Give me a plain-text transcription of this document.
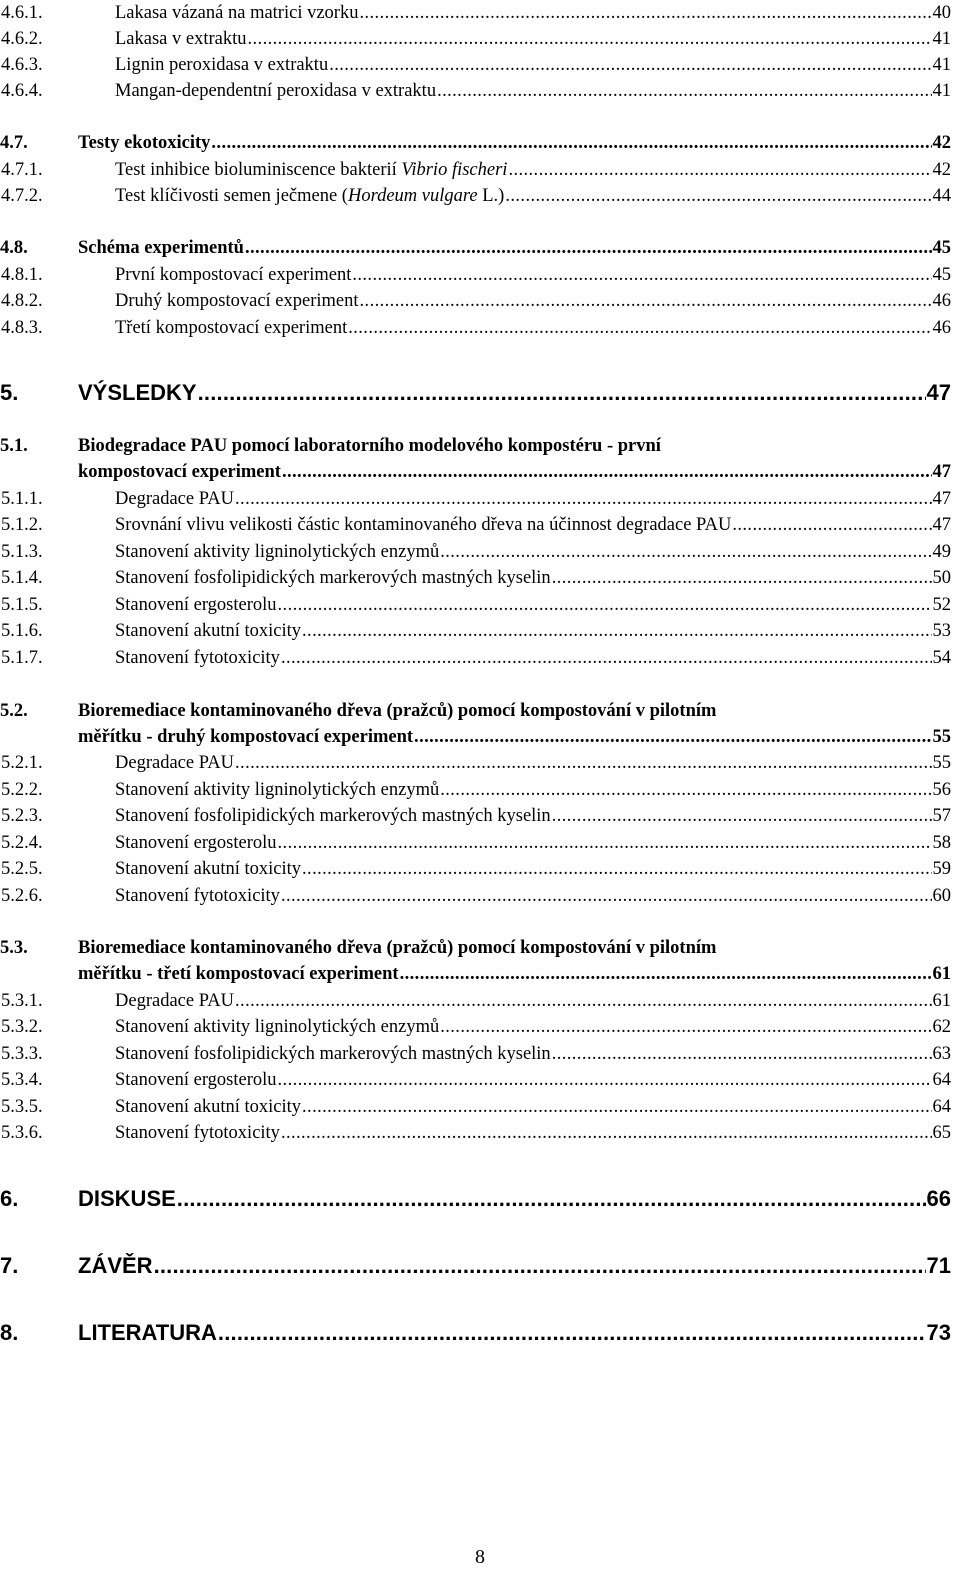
4.6.1.	Lakasa vázaná na matrici vzorku .....	40
4.6.2.	Lakasa v extraktu .....	41
4.6.3.	Lignin peroxidasa v extraktu .....	41
4.6.4.	Mangan-dependentní peroxidasa v extraktu .....	41
4.7.	Testy ekotoxicity .....	42
4.7.1.	Test inhibice bioluminiscence bakterií Vibrio fischeri .....	42
4.7.2.	Test klíčivosti semen ječmene (Hordeum vulgare L.) .....	44
4.8.	Schéma experimentů .....	45
4.8.1.	První kompostovací experiment .....	45
4.8.2.	Druhý kompostovací experiment .....	46
4.8.3.	Třetí kompostovací experiment .....	46
5.	VÝSLEDKY .....	47
5.1.	Biodegradace PAU pomocí laboratorního modelového kompostéru - první
kompostovací experiment .....	47
5.1.1.	Degradace PAU .....	47
5.1.2.	Srovnání vlivu velikosti částic kontaminovaného dřeva na účinnost degradace PAU .....	47
5.1.3.	Stanovení aktivity ligninolytických enzymů .....	49
5.1.4.	Stanovení fosfolipidických markerových mastných kyselin .....	50
5.1.5.	Stanovení ergosterolu .....	52
5.1.6.	Stanovení akutní toxicity .....	53
5.1.7.	Stanovení fytotoxicity .....	54
5.2.	Bioremediace kontaminovaného dřeva (pražců) pomocí kompostování v pilotním
měřítku - druhý kompostovací experiment .....	55
5.2.1.	Degradace PAU .....	55
5.2.2.	Stanovení aktivity ligninolytických enzymů .....	56
5.2.3.	Stanovení fosfolipidických markerových mastných kyselin .....	57
5.2.4.	Stanovení ergosterolu .....	58
5.2.5.	Stanovení akutní toxicity .....	59
5.2.6.	Stanovení fytotoxicity .....	60
5.3.	Bioremediace kontaminovaného dřeva (pražců) pomocí kompostování v pilotním
měřítku - třetí kompostovací experiment .....	61
5.3.1.	Degradace PAU .....	61
5.3.2.	Stanovení aktivity ligninolytických enzymů .....	62
5.3.3.	Stanovení fosfolipidických markerových mastných kyselin .....	63
5.3.4.	Stanovení ergosterolu .....	64
5.3.5.	Stanovení akutní toxicity .....	64
5.3.6.	Stanovení fytotoxicity .....	65
6.	DISKUSE .....	66
7.	ZÁVĚR .....	71
8.	LITERATURA .....	73
8
